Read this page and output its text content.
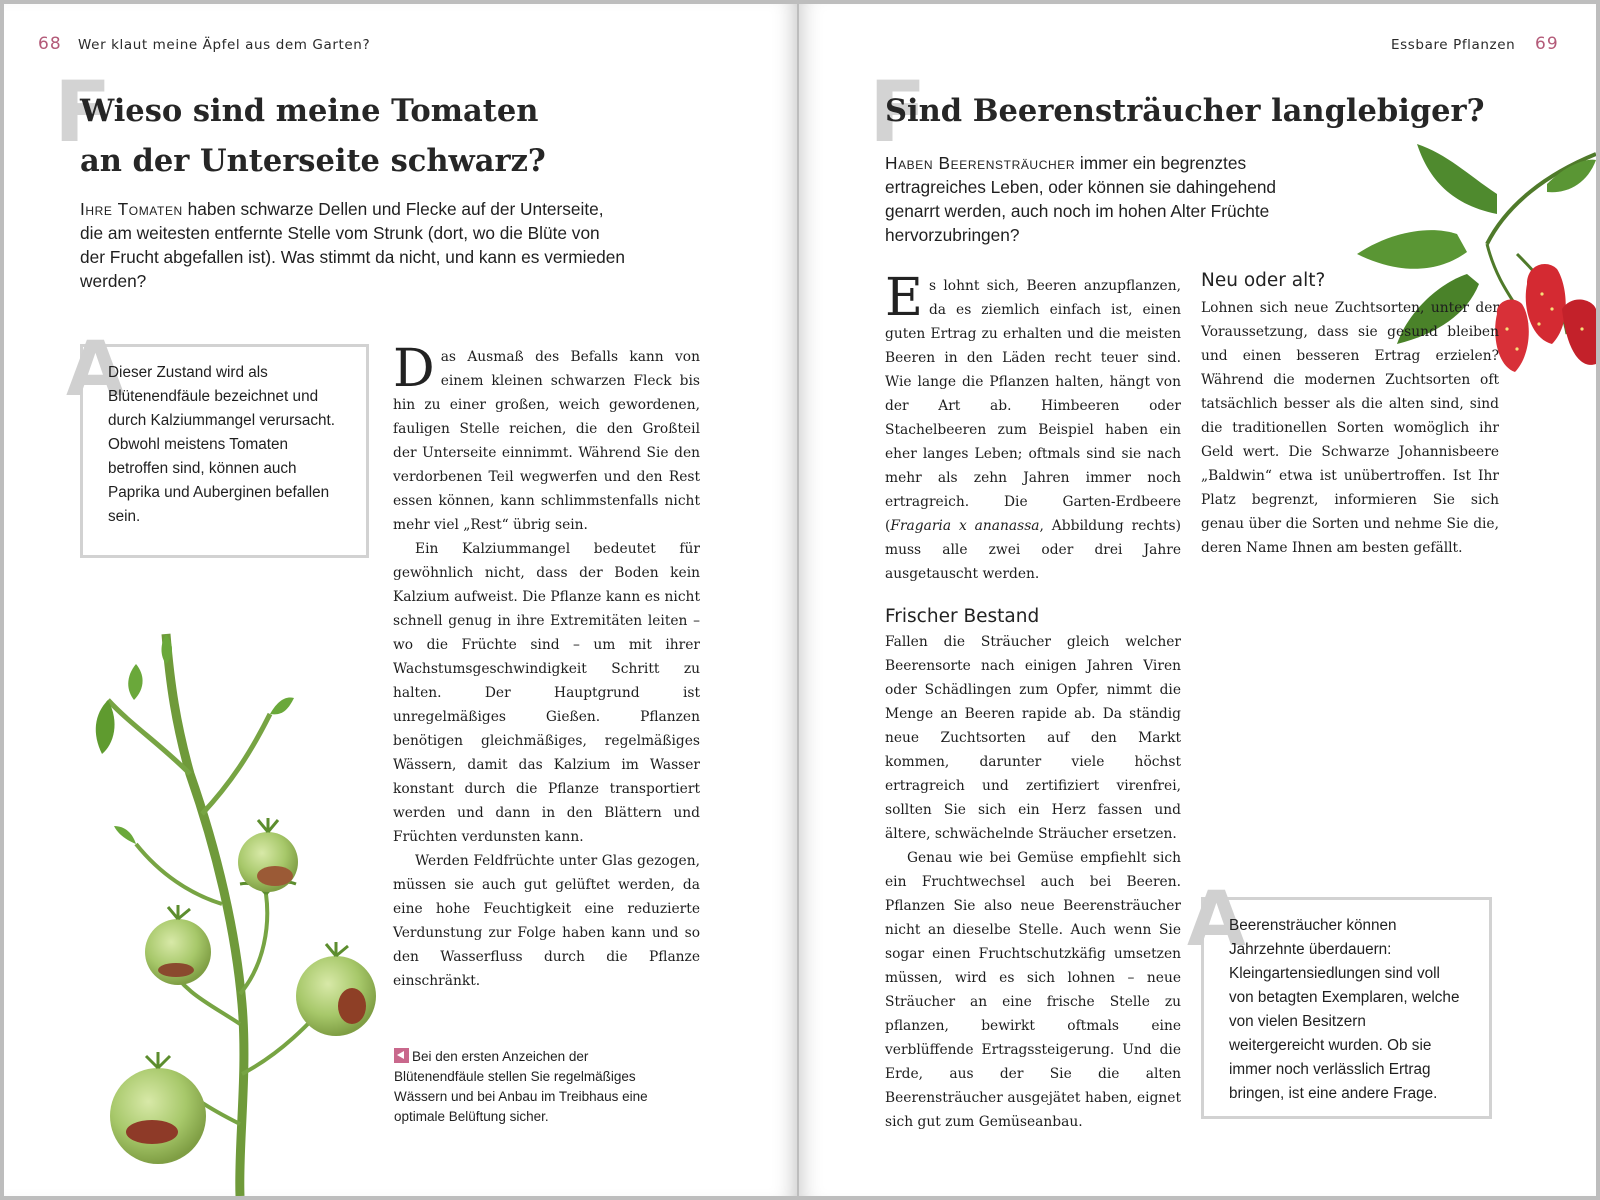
68 Wer klaut meine Äpfel aus dem Garten?
F
Wieso sind meine Tomaten
an der Unterseite schwarz?
Ihre Tomaten haben schwarze Dellen und Flecke auf der Unterseite, die am weitesten entfernte Stelle vom Strunk (dort, wo die Blüte von der Frucht abgefallen ist). Was stimmt da nicht, und kann es vermieden werden?
A
Dieser Zustand wird als Blütenendfäule bezeichnet und durch Kalziummangel verursacht. Obwohl meistens Tomaten betroffen sind, können auch Paprika und Auberginen befallen sein.

Das Ausmaß des Befalls kann von einem kleinen schwarzen Fleck bis hin zu einer großen, weich gewordenen, fauligen Stelle reichen, die den Großteil der Unterseite einnimmt. Während Sie den verdorbenen Teil wegwerfen und den Rest essen können, kann schlimmstenfalls nicht mehr viel „Rest“ übrig sein.

Ein Kalziummangel bedeutet für gewöhnlich nicht, dass der Boden kein Kalzium aufweist. Die Pflanze kann es nicht schnell genug in ihre Extremitäten leiten – wo die Früchte sind – um mit ihrer Wachstumsgeschwindigkeit Schritt zu halten. Der Hauptgrund ist unregelmäßiges Gießen. Pflanzen benötigen gleichmäßiges, regelmäßiges Wässern, damit das Kalzium im Wasser konstant durch die Pflanze transportiert werden und dann in den Blättern und Früchten verdunsten kann.

Werden Feldfrüchte unter Glas gezogen, müssen sie auch gut gelüftet werden, da eine hohe Feuchtigkeit eine reduzierte Verdunstung zur Folge haben kann und so den Wasserfluss durch die Pflanze einschränkt.

Bei den ersten Anzeichen der Blütenendfäule stellen Sie regelmäßiges Wässern und bei Anbau im Treibhaus eine optimale Belüftung sicher.
Essbare Pflanzen 69
F
Sind Beerensträucher langlebiger?
Haben Beerensträucher immer ein begrenztes ertragreiches Leben, oder können sie dahingehend genarrt werden, auch noch im hohen Alter Früchte hervorzubringen?

Es lohnt sich, Beeren anzupflanzen, da es ziemlich einfach ist, einen guten Ertrag zu erhalten und die meisten Beeren in den Läden recht teuer sind. Wie lange die Pflanzen halten, hängt von der Art ab. Himbeeren oder Stachelbeeren zum Beispiel haben ein eher langes Leben; oftmals sind sie nach mehr als zehn Jahren immer noch ertragreich. Die Garten-Erdbeere (Fragaria x ananassa, Abbildung rechts) muss alle zwei oder drei Jahre ausgetauscht werden.

Frischer Bestand

Fallen die Sträucher gleich welcher Beerensorte nach einigen Jahren Viren oder Schädlingen zum Opfer, nimmt die Menge an Beeren rapide ab. Da ständig neue Zuchtsorten auf den Markt kommen, darunter viele höchst ertragreich und zertifiziert virenfrei, sollten Sie sich ein Herz fassen und ältere, schwächelnde Sträucher ersetzen.

Genau wie bei Gemüse empfiehlt sich ein Fruchtwechsel auch bei Beeren. Pflanzen Sie also neue Beerensträucher nicht an dieselbe Stelle. Auch wenn Sie sogar einen Fruchtschutzkäfig umsetzen müssen, wird es sich lohnen – neue Sträucher an eine frische Stelle zu pflanzen, bewirkt oftmals eine verblüffende Ertragssteigerung. Und die Erde, aus der Sie die alten Beerensträucher ausgejätet haben, eignet sich gut zum Gemüseanbau.

Neu oder alt?

Lohnen sich neue Zuchtsorten, unter der Voraussetzung, dass sie gesund bleiben und einen besseren Ertrag erzielen? Während die modernen Zuchtsorten oft tatsächlich besser als die alten sind, sind die traditionellen Sorten womöglich ihr Geld wert. Die Schwarze Johannisbeere „Baldwin“ etwa ist unübertroffen. Ist Ihr Platz begrenzt, informieren Sie sich genau über die Sorten und nehme Sie die, deren Name Ihnen am besten gefällt.

A
Beerensträucher können Jahrzehnte überdauern: Kleingartensiedlungen sind voll von betagten Exemplaren, welche von vielen Besitzern weitergereicht wurden. Ob sie immer noch verlässlich Ertrag bringen, ist eine andere Frage.
